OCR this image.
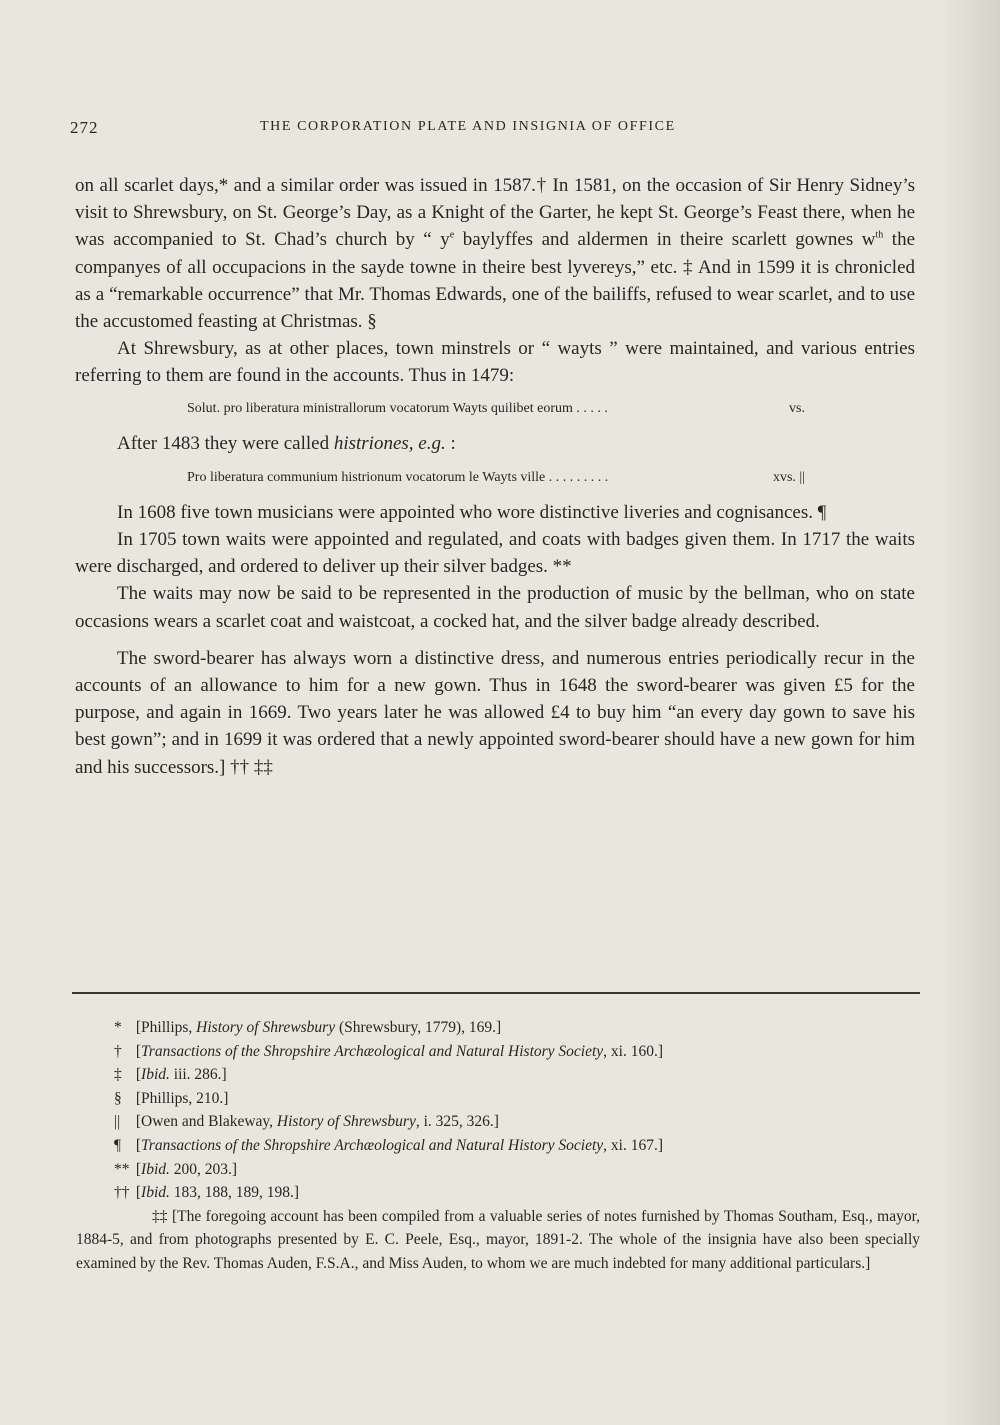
272	THE CORPORATION PLATE AND INSIGNIA OF OFFICE

on all scarlet days,* and a similar order was issued in 1587.† In 1581, on the occasion of Sir Henry Sidney’s visit to Shrewsbury, on St. George’s Day, as a Knight of the Garter, he kept St. George’s Feast there, when he was accompanied to St. Chad’s church by “ $y^e$ baylyffes and aldermen in theire scarlett gownes $w^{th}$ the companyes of all occupacions in the sayde towne in theire best lyvereys,” etc. ‡ And in 1599 it is chronicled as a “remarkable occurrence” that Mr. Thomas Edwards, one of the bailiffs, refused to wear scarlet, and to use the accustomed feasting at Christmas. §

At Shrewsbury, as at other places, town minstrels or “ wayts ” were maintained, and various entries referring to them are found in the accounts. Thus in 1479:

Solut. pro liberatura ministrallorum vocatorum Wayts quilibet eorum . . . . .	vs.

After 1483 they were called histriones, e.g. :

Pro liberatura communium histrionum vocatorum le Wayts ville . . . . . . . . .	xvs. ||

In 1608 five town musicians were appointed who wore distinctive liveries and cognisances. ¶

In 1705 town waits were appointed and regulated, and coats with badges given them. In 1717 the waits were discharged, and ordered to deliver up their silver badges. **

The waits may now be said to be represented in the production of music by the bellman, who on state occasions wears a scarlet coat and waistcoat, a cocked hat, and the silver badge already described.

The sword-bearer has always worn a distinctive dress, and numerous entries periodically recur in the accounts of an allowance to him for a new gown. Thus in 1648 the sword-bearer was given £5 for the purpose, and again in 1669. Two years later he was allowed £4 to buy him “an every day gown to save his best gown”; and in 1699 it was ordered that a newly appointed sword-bearer should have a new gown for him and his successors.] †† ‡‡

* [Phillips, History of Shrewsbury (Shrewsbury, 1779), 169.]

† [Transactions of the Shropshire Archæological and Natural History Society, xi. 160.]

‡ [Ibid. iii. 286.]

§ [Phillips, 210.]

|| [Owen and Blakeway, History of Shrewsbury, i. 325, 326.]

¶ [Transactions of the Shropshire Archæological and Natural History Society, xi. 167.]

** [Ibid. 200, 203.]

†† [Ibid. 183, 188, 189, 198.]

‡‡ [The foregoing account has been compiled from a valuable series of notes furnished by Thomas Southam, Esq., mayor, 1884-5, and from photographs presented by E. C. Peele, Esq., mayor, 1891-2. The whole of the insignia have also been specially examined by the Rev. Thomas Auden, F.S.A., and Miss Auden, to whom we are much indebted for many additional particulars.]
